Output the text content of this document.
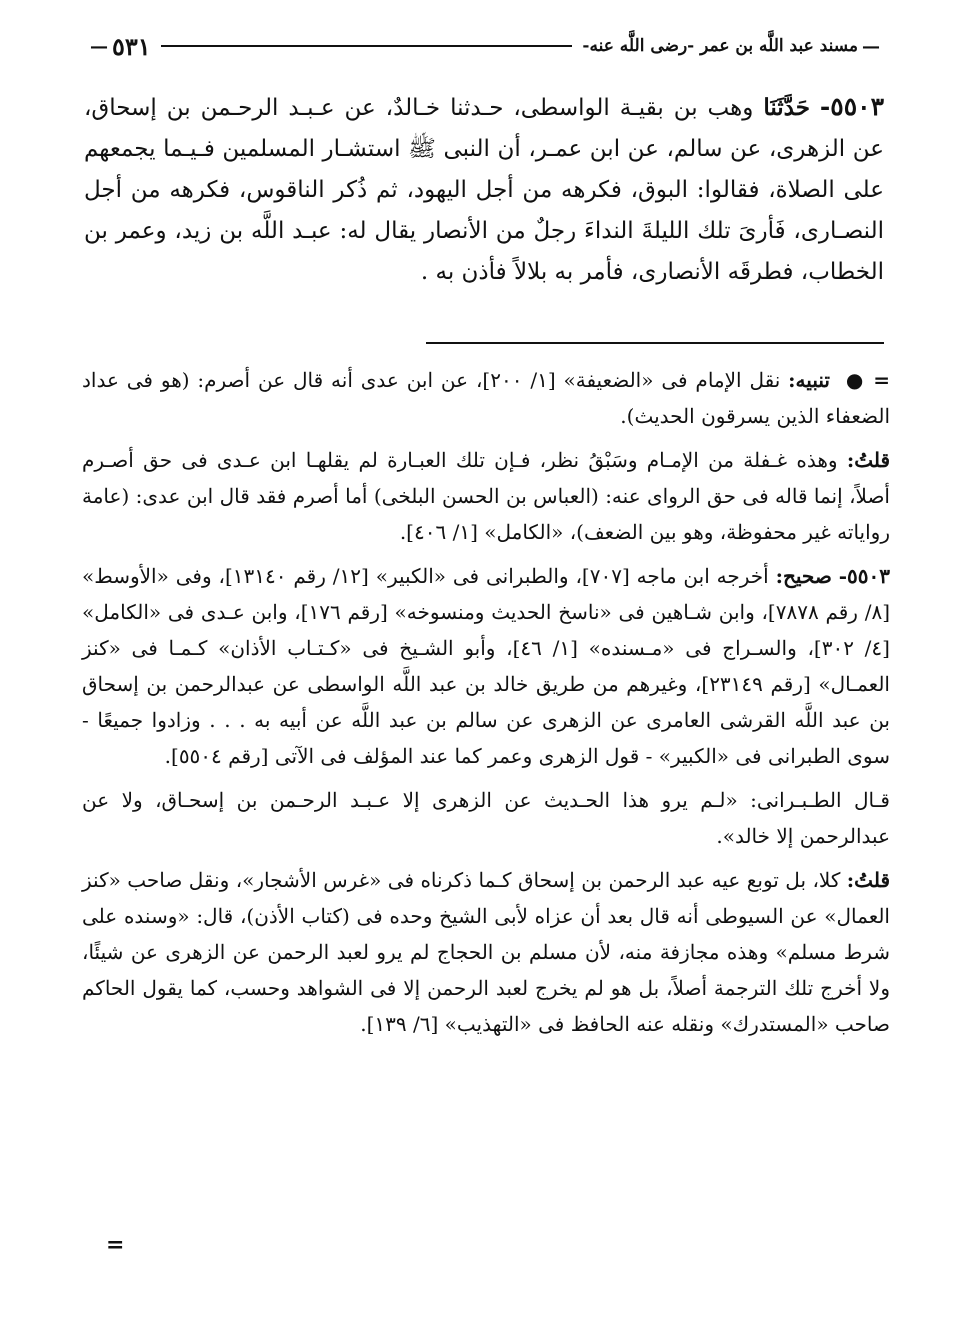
—
مسند عبد اللَّه بن عمر -رضى اللَّه عنه-
٥٣١
—
٥٥٠٣- حَدَّثَنَا وهب بن بقيـة الواسطى، حـدثنا خـالدٌ، عن عـبـد الرحـمن بن إسحاق، عن الزهرى، عن سالم، عن ابن عمـر، أن النبى ﷺ استشـار المسلمين فـيـما يجمعهم على الصلاة، فقالوا: البوق، فكرهه من أجل اليهود، ثم ذُكر الناقوس، فكرهه من أجل النصـارى، فَأرىَ تلك الليلةَ النداءَ رجلٌ من الأنصار يقال له: عبـد اللَّه بن زيد، وعمر بن الخطاب، فطرقَه الأنصارى، فأمر به بلالاً فأذن به .

= ● تنبيه: نقل الإمام فى «الضعيفة» [١/ ٢٠٠]، عن ابن عدى أنه قال عن أصرم: (هو فى عداد الضعفاء الذين يسرقون الحديث).

قلتُ: وهذه غـفلة من الإمـام وسَبْقُ نظر، فـإن تلك العبـارة لم يقلهـا ابن عـدى فى حق أصـرم أصلاً، إنما قاله فى حق الرواى عنه: (العباس بن الحسن البلخى) أما أصرم فقد قال ابن عدى: (عامة رواياته غير محفوظة، وهو بين الضعف)، «الكامل» [١/ ٤٠٦].

٥٥٠٣- صحيح: أخرجه ابن ماجه [٧٠٧]، والطبرانى فى «الكبير» [١٢/ رقم ١٣١٤٠]، وفى «الأوسط» [٨/ رقم ٧٨٧٨]، وابن شـاهين فى «ناسخ الحديث ومنسوخه» [رقم ١٧٦]، وابن عـدى فى «الكامل» [٤/ ٣٠٢]، والسـراج فى «مـسنده» [١/ ٤٦]، وأبو الشـيخ فى «كـتـاب الأذان» كـمـا فى «كنز العمـال» [رقم ٢٣١٤٩]، وغيرهم من طريق خالد بن عبد اللَّه الواسطى عن عبدالرحمن بن إسحاق بن عبد اللَّه القرشى العامرى عن الزهرى عن سالم بن عبد اللَّه عن أبيه به . . . وزادوا جميعًا - سوى الطبرانى فى «الكبير» - قول الزهرى وعمر كما عند المؤلف فى الآتى [رقم ٥٥٠٤].

قـال الطـبـرانى: «لـم يرو هذا الحـديث عن الزهرى إلا عـبـد الرحـمن بن إسحـاق، ولا عن عبدالرحمن إلا خالد».

قلتُ: كلا، بل توبع عيه عبد الرحمن بن إسحاق كـما ذكرناه فى «غرس الأشجار»، ونقل صاحب «كنز العمال» عن السيوطى أنه قال بعد أن عزاه لأبى الشيخ وحده فى (كتاب الأذن)، قال: «وسنده على شرط مسلم» وهذه مجازفة منه، لأن مسلم بن الحجاج لم يرو لعبد الرحمن عن الزهرى عن شيئًا، ولا أخرج تلك الترجمة أصلاً، بل هو لم يخرج لعبد الرحمن إلا فى الشواهد وحسب، كما يقول الحاكم صاحب «المستدرك» ونقله عنه الحافظ فى «التهذيب» [٦/ ١٣٩].

=
